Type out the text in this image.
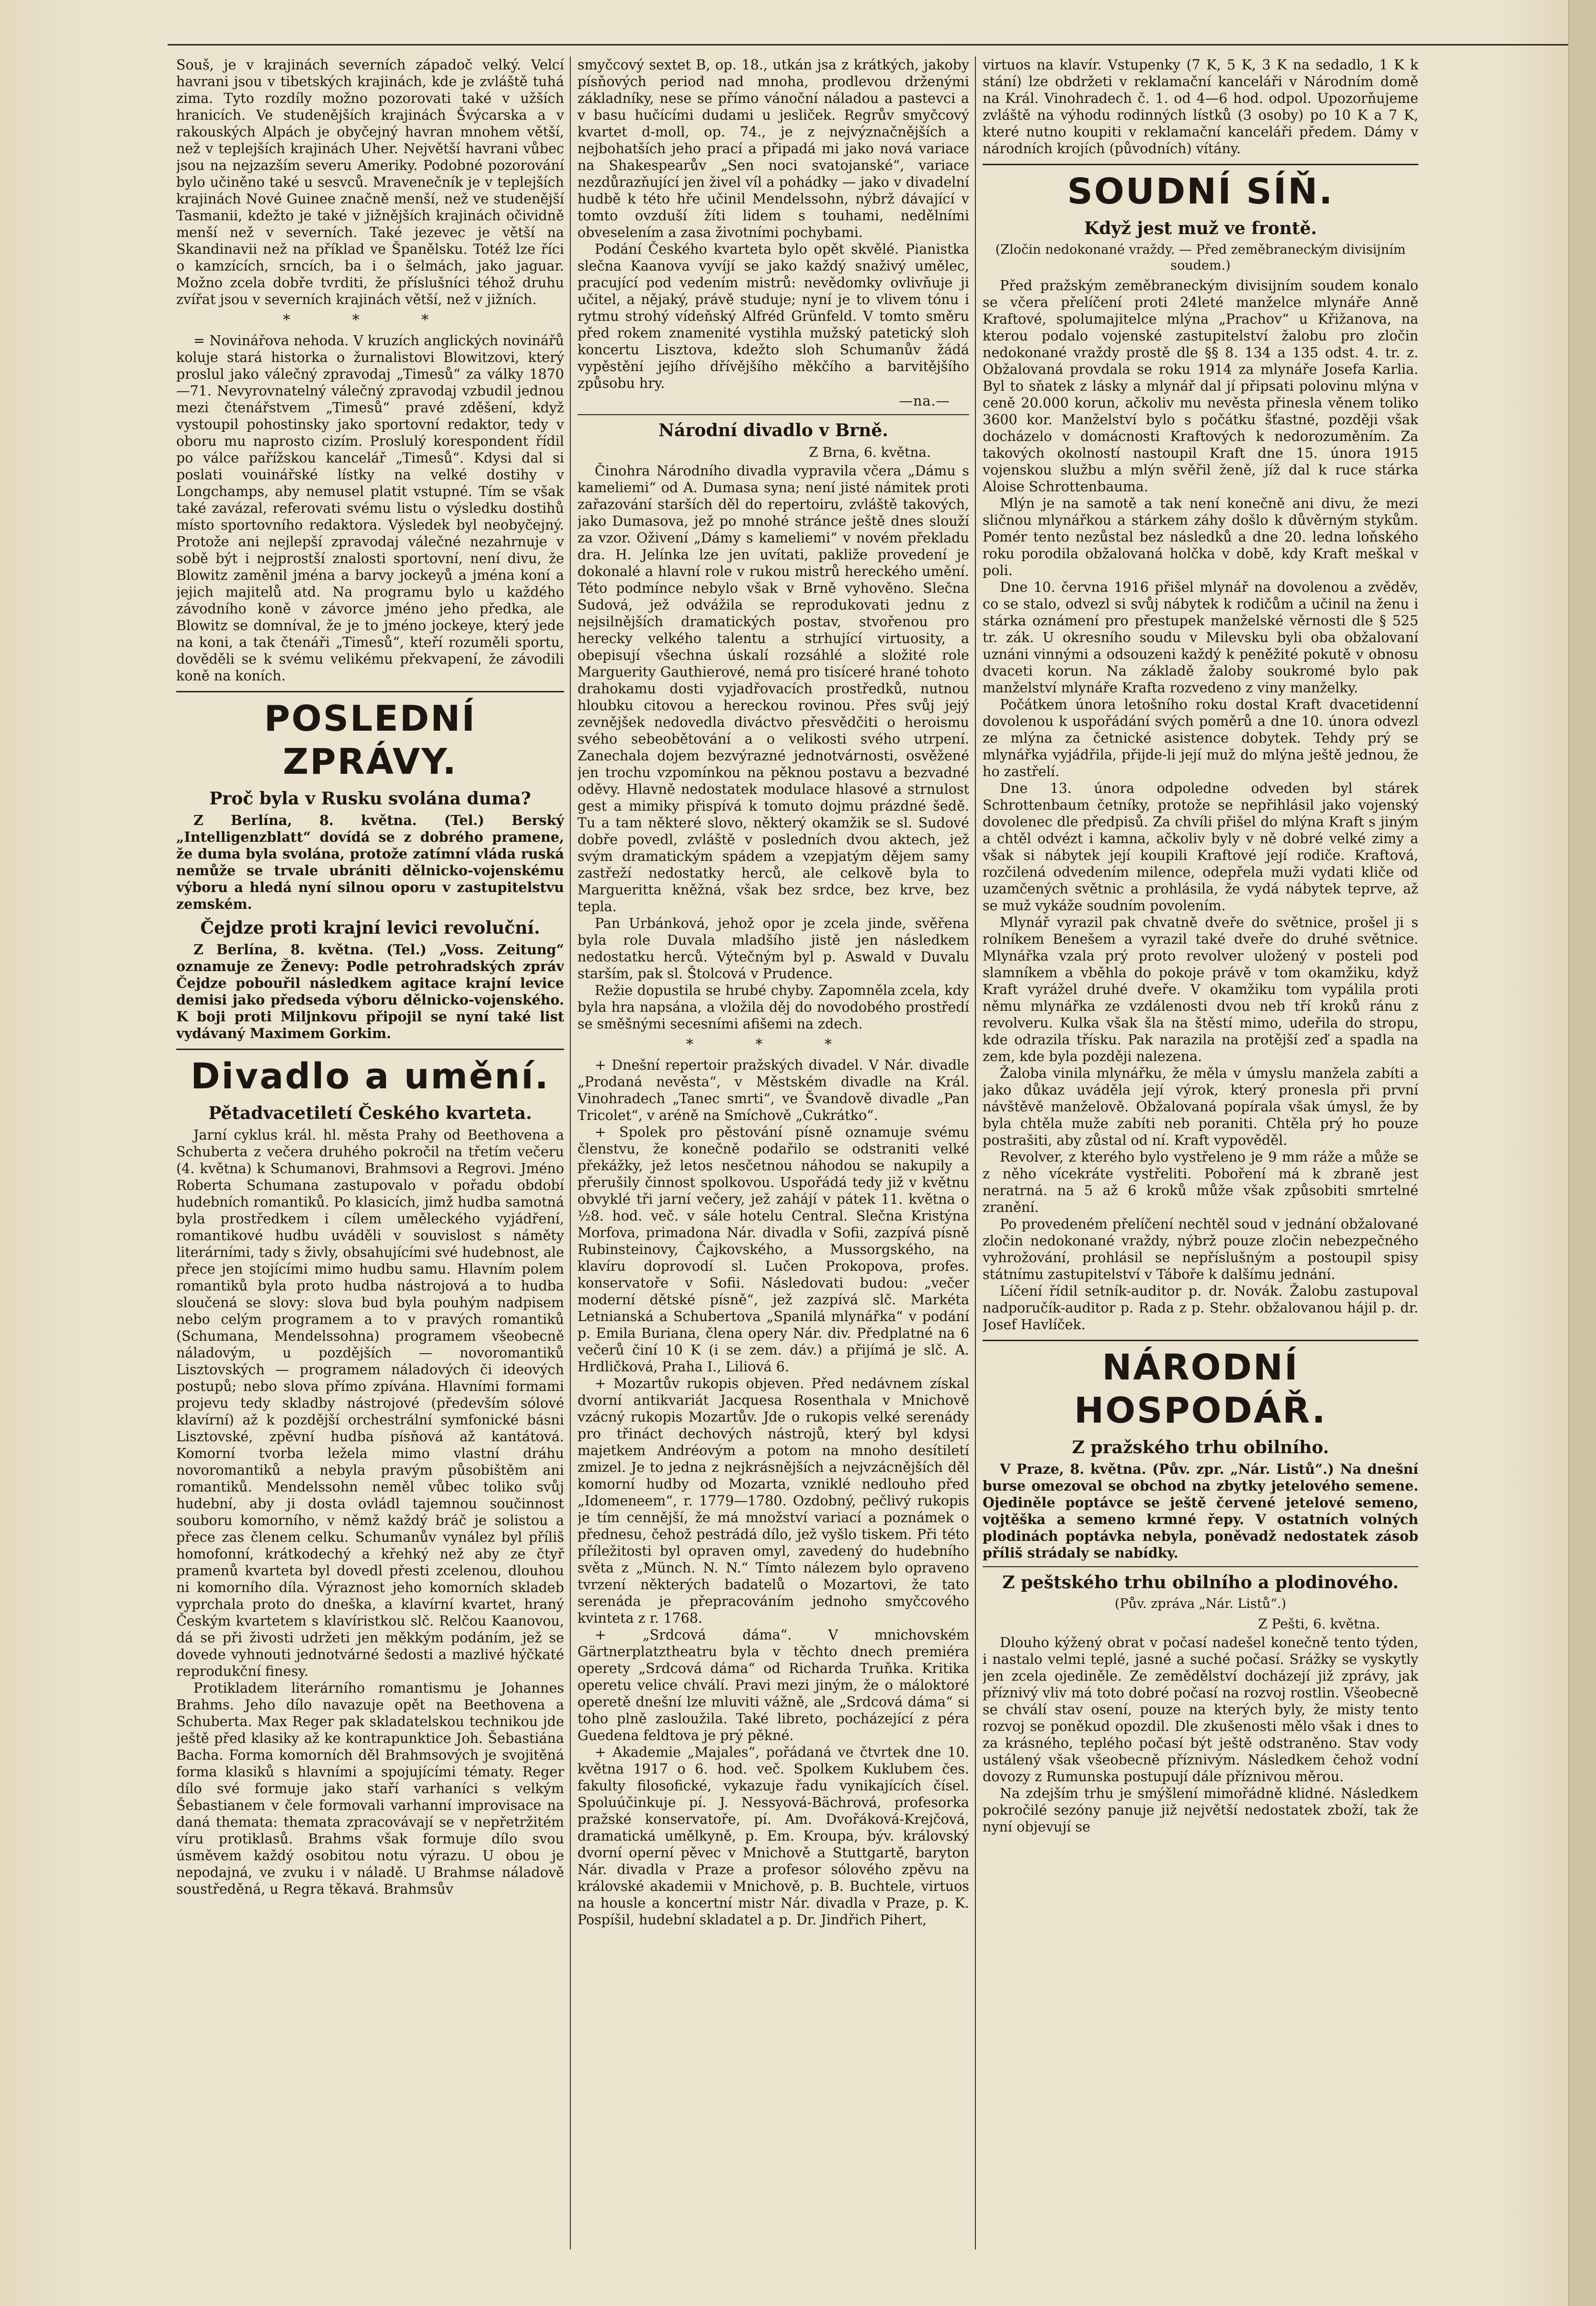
Souš, je v krajinách severních západoč velký. Velcí havrani jsou v tibetských krajinách, kde je zvláště tuhá zima. Tyto rozdíly možno pozorovati také v užších hranicích. Ve studenějších krajinách Švýcarska a v rakouských Alpách je obyčejný havran mnohem větší, než v teplejších krajinách Uher. Největší havrani vůbec jsou na nejzazším severu Ameriky. Podobné pozorování bylo učiněno také u sesvců. Mravenečník je v teplejších krajinách Nové Guinee značně menší, než ve studenější Tasmanii, kdežto je také v jižnějších krajinách očividně menší než v severních. Také jezevec je větší na Skandinavii než na příklad ve Španělsku. Totéž lze říci o kamzících, srncích, ba i o šelmách, jako jaguar. Možno zcela dobře tvrditi, že příslušníci téhož druhu zvířat jsou v severních krajinách větší, než v jižních.

* * *

= Novinářova nehoda. V kruzích anglických novinářů koluje stará historka o žurnalistovi Blowitzovi, který proslul jako válečný zpravodaj „Timesů“ za války 1870—71. Nevyrovnatelný válečný zpravodaj vzbudil jednou mezi čtenářstvem „Timesů“ pravé zděšení, když vystoupil pohostinsky jako sportovní redaktor, tedy v oboru mu naprosto cizím. Proslulý korespondent řídil po válce pařížskou kancelář „Timesů“. Kdysi dal si poslati vouinářské lístky na velké dostihy v Longchamps, aby nemusel platit vstupné. Tím se však také zavázal, referovati svému listu o výsledku dostihů místo sportovního redaktora. Výsledek byl neobyčejný. Protože ani nejlepší zpravodaj válečné nezahrnuje v sobě být i nejprostší znalosti sportovní, není divu, že Blowitz zaměnil jména a barvy jockeyů a jména koní a jejich majitelů atd. Na programu bylo u každého závodního koně v závorce jméno jeho předka, ale Blowitz se domníval, že je to jméno jockeye, který jede na koni, a tak čtenáři „Timesů“, kteří rozuměli sportu, dověděli se k svému velikému překvapení, že závodili koně na koních.

POSLEDNÍ ZPRÁVY.
Proč byla v Rusku svolána duma?

Z Berlína, 8. května. (Tel.) Berský „Intelligenzblatt“ dovídá se z dobrého pramene, že duma byla svolána, protože zatímní vláda ruská nemůže se trvale ubrániti dělnicko-vojenskému výboru a hledá nyní silnou oporu v zastupitelstvu zemském.

Čejdze proti krajní levici revoluční.

Z Berlína, 8. května. (Tel.) „Voss. Zeitung“ oznamuje ze Ženevy: Podle petrohradských zpráv Čejdze pobouřil následkem agitace krajní levice demisi jako předseda výboru dělnicko-vojenského. K boji proti Miljnkovu připojil se nyní také list vydávaný Maximem Gorkim.

Divadlo a umění.
Pětadvacetiletí Českého kvarteta.

Jarní cyklus král. hl. města Prahy od Beethovena a Schuberta z večera druhého pokročil na třetím večeru (4. května) k Schumanovi, Brahmsovi a Regrovi. Jméno Roberta Schumana zastupovalo v pořadu období hudebních romantiků. Po klasicích, jimž hudba samotná byla prostředkem i cílem uměleckého vyjádření, romantikové hudbu uváděli v souvislost s náměty literárními, tady s živly, obsahujícími své hudebnost, ale přece jen stojícími mimo hudbu samu. Hlavním polem romantiků byla proto hudba nástrojová a to hudba sloučená se slovy: slova bud byla pouhým nadpisem nebo celým programem a to v pravých romantiků (Schumana, Mendelssohna) programem všeobecně náladovým, u pozdějších — novoromantiků Lisztovských — programem náladových či ideových postupů; nebo slova přímo zpívána. Hlavními formami projevu tedy skladby nástrojové (především sólové klavírní) až k pozdější orchestrální symfonické básni Lisztovské, zpěvní hudba písňová až kantátová. Komorní tvorba ležela mimo vlastní dráhu novoromantiků a nebyla pravým působištěm ani romantiků. Mendelssohn neměl vůbec toliko svůj hudební, aby ji dosta ovládl tajemnou součinnost souboru komorního, v němž každý bráč je solistou a přece zas členem celku. Schumanův vynález byl příliš homofonní, krátkodechý a křehký než aby ze čtyř pramenů kvarteta byl dovedl přesti zcelenou, dlouhou ni komorního díla. Výraznost jeho komorních skladeb vyprchala proto do dneška, a klavírní kvartet, hraný Českým kvartetem s klavíristkou slč. Relčou Kaanovou, dá se při živosti udržeti jen měkkým podáním, jež se dovede vyhnouti jednotvárné šedosti a mazlivé hýčkaté reprodukční finesy.

Protikladem literárního romantismu je Johannes Brahms. Jeho dílo navazuje opět na Beethovena a Schuberta. Max Reger pak skladatelskou technikou jde ještě před klasiky až ke kontrapunktice Joh. Šebastiána Bacha. Forma komorních děl Brahmsových je svojitěná forma klasiků s hlavními a spojujícími tématy. Reger dílo své formuje jako staří varhaníci s velkým Šebastianem v čele formovali varhanní improvisace na daná themata: themata zpracovávají se v nepřetržitém víru protiklasů. Brahms však formuje dílo svou úsměvem každý osobitou notu výrazu. U obou je nepodajná, ve zvuku i v náladě. U Brahmse náladově soustředěná, u Regra těkavá. Brahmsův

smyčcový sextet B, op. 18., utkán jsa z krátkých, jakoby písňových period nad mnoha, prodlevou drženými základníky, nese se přímo vánoční náladou a pastevci a v basu hučícími dudami u jesliček. Regrův smyčcový kvartet d-moll, op. 74., je z nejvýznačnějších a nejbohatších jeho prací a připadá mi jako nová variace na Shakespearův „Sen noci svatojanské“, variace nezdůrazňující jen živel víl a pohádky — jako v divadelní hudbě k této hře učinil Mendelssohn, nýbrž dávající v tomto ovzduší žíti lidem s touhami, nedělními obveselením a zasa životními pochybami.

Podání Českého kvarteta bylo opět skvělé. Pianistka slečna Kaanova vyvíjí se jako každý snaživý umělec, pracující pod vedením mistrů: nevědomky ovlivňuje ji učitel, a nějaký, právě studuje; nyní je to vlivem tónu i rytmu strohý vídeňský Alfréd Grünfeld. V tomto směru před rokem znamenité vystihla mužský patetický sloh koncertu Lisztova, kdežto sloh Schumanův žádá vypěstění jejího dřívějšího měkčího a barvitějšího způsobu hry.

—na.—
Národní divadlo v Brně.
Z Brna, 6. května.

Činohra Národního divadla vypravila včera „Dámu s kameliemi“ od A. Dumasa syna; není jisté námitek proti zařazování starších děl do repertoiru, zvláště takových, jako Dumasova, jež po mnohé stránce ještě dnes slouží za vzor. Oživení „Dámy s kameliemi“ v novém překladu dra. H. Jelínka lze jen uvítati, pakliže provedení je dokonalé a hlavní role v rukou mistrů hereckého umění. Této podmínce nebylo však v Brně vyhověno. Slečna Sudová, jež odvážila se reprodukovati jednu z nejsilnějších dramatických postav, stvořenou pro herecky velkého talentu a strhující virtuosity, a obepisují všechna úskalí rozsáhlé a složité role Marguerity Gauthierové, nemá pro tisíceré hrané tohoto drahokamu dosti vyjadřovacích prostředků, nutnou hloubku citovou a hereckou rovinou. Přes svůj jejý zevnějšek nedovedla diváctvo přesvědčiti o heroismu svého sebeobětování a o velikosti svého utrpení. Zanechala dojem bezvýrazné jednotvárnosti, osvěžené jen trochu vzpomínkou na pěknou postavu a bezvadné oděvy. Hlavně nedostatek modulace hlasové a strnulost gest a mimiky přispívá k tomuto dojmu prázdné šedě. Tu a tam některé slovo, některý okamžik se sl. Sudové dobře povedl, zvláště v posledních dvou aktech, jež svým dramatickým spádem a vzepjatým dějem samy zastřeží nedostatky herců, ale celkově byla to Margueritta kněžná, však bez srdce, bez krve, bez tepla.

Pan Urbánková, jehož opor je zcela jinde, svěřena byla role Duvala mladšího jistě jen následkem nedostatku herců. Výtečným byl p. Aswald v Duvalu starším, pak sl. Štolcová v Prudence.

Režie dopustila se hrubé chyby. Zapomněla zcela, kdy byla hra napsána, a vložila děj do novodobého prostředí se směšnými secesními afišemi na zdech.

* * *

+ Dnešní repertoir pražských divadel. V Nár. divadle „Prodaná nevěsta“, v Městském divadle na Král. Vinohradech „Tanec smrti“, ve Švandově divadle „Pan Tricolet“, v aréně na Smíchově „Cukrátko“.

+ Spolek pro pěstování písně oznamuje svému členstvu, že konečně podařilo se odstraniti velké překážky, jež letos nesčetnou náhodou se nakupily a přerušily činnost spolkovou. Uspořádá tedy již v květnu obvyklé tři jarní večery, jež zahájí v pátek 11. května o ½8. hod. več. v sále hotelu Central. Slečna Kristýna Morfova, primadona Nár. divadla v Sofii, zazpívá písně Rubinsteinovy, Čajkovského, a Mussorgského, na klavíru doprovodí sl. Lučen Prokopova, profes. konservatoře v Sofii. Následovati budou: „večer moderní dětské písně“, jež zazpívá slč. Markéta Letnianská a Schubertova „Spanilá mlynářka“ v podání p. Emila Buriana, člena opery Nár. div. Předplatné na 6 večerů činí 10 K (i se zem. dáv.) a přijímá je slč. A. Hrdličková, Praha I., Liliová 6.

+ Mozartův rukopis objeven. Před nedávnem získal dvorní antikvariát Jacquesa Rosenthala v Mnichově vzácný rukopis Mozartův. Jde o rukopis velké serenády pro třináct dechových nástrojů, který byl kdysi majetkem Andréovým a potom na mnoho desítiletí zmizel. Je to jedna z nejkrásnějších a nejvzácnějších děl komorní hudby od Mozarta, vzniklé nedlouho před „Idomeneem“, r. 1779—1780. Ozdobný, pečlivý rukopis je tím cennější, že má množství variací a poznámek o přednesu, čehož pestrádá dílo, jež vyšlo tiskem. Při této příležitosti byl opraven omyl, zavedený do hudebního světa z „Münch. N. N.“ Tímto nálezem bylo opraveno tvrzení některých badatelů o Mozartovi, že tato serenáda je přepracováním jednoho smyčcového kvinteta z r. 1768.

+ „Srdcová dáma“. V mnichovském Gärtnerplatztheatru byla v těchto dnech premiéra operety „Srdcová dáma“ od Richarda Truňka. Kritika operetu velice chválí. Pravi mezi jiným, že o máloktoré operetě dnešní lze mluviti vážně, ale „Srdcová dáma“ si toho plně zasloužila. Také libreto, pocházející z péra Guedena feldtova je prý pěkné.

+ Akademie „Majales“, pořádaná ve čtvrtek dne 10. května 1917 o 6. hod. več. Spolkem Kuklubem čes. fakulty filosofické, vykazuje řadu vynikajících čísel. Spoluúčinkuje pí. J. Nessyová-Bächrová, profesorka pražské konservatoře, pí. Am. Dvořáková-Krejčová, dramatická umělkyně, p. Em. Kroupa, býv. královský dvorní operní pěvec v Mnichově a Stuttgartě, baryton Nár. divadla v Praze a profesor sólového zpěvu na královské akademii v Mnichově, p. B. Buchtele, virtuos na housle a koncertní mistr Nár. divadla v Praze, p. K. Pospíšil, hudební skladatel a p. Dr. Jindřich Pihert,

virtuos na klavír. Vstupenky (7 K, 5 K, 3 K na sedadlo, 1 K k stání) lze obdržeti v reklamační kanceláři v Národním domě na Král. Vinohradech č. 1. od 4—6 hod. odpol. Upozorňujeme zvláště na výhodu rodinných lístků (3 osoby) po 10 K a 7 K, které nutno koupiti v reklamační kanceláři předem. Dámy v národních krojích (původních) vítány.

SOUDNÍ SÍŇ.
Když jest muž ve frontě.
(Zločin nedokonané vraždy. — Před zeměbraneckým divisijním soudem.)

Před pražským zeměbraneckým divisijním soudem konalo se včera přelíčení proti 24leté manželce mlynáře Anně Kraftové, spolumajitelce mlýna „Prachov“ u Křižanova, na kterou podalo vojenské zastupitelství žalobu pro zločin nedokonané vraždy prostě dle §§ 8. 134 a 135 odst. 4. tr. z. Obžalovaná provdala se roku 1914 za mlynáře Josefa Karlia. Byl to sňatek z lásky a mlynář dal jí připsati polovinu mlýna v ceně 20.000 korun, ačkoliv mu nevěsta přinesla věnem toliko 3600 kor. Manželství bylo s počátku šťastné, později však docházelo v domácnosti Kraftových k nedorozuměním. Za takových okolností nastoupil Kraft dne 15. února 1915 vojenskou službu a mlýn svěřil ženě, jíž dal k ruce stárka Aloise Schrottenbauma.

Mlýn je na samotě a tak není konečně ani divu, že mezi sličnou mlynářkou a stárkem záhy došlo k důvěrným stykům. Pomér tento nezůstal bez následků a dne 20. ledna loňského roku porodila obžalovaná holčka v době, kdy Kraft meškal v poli.

Dne 10. června 1916 přišel mlynář na dovolenou a zvěděv, co se stalo, odvezl si svůj nábytek k rodičům a učinil na ženu i stárka oznámení pro přestupek manželské věrnosti dle § 525 tr. zák. U okresního soudu v Milevsku byli oba obžalovaní uznáni vinnými a odsouzeni každý k peněžité pokutě v obnosu dvaceti korun. Na základě žaloby soukromé bylo pak manželství mlynáře Krafta rozvedeno z viny manželky.

Počátkem února letošního roku dostal Kraft dvacetidenní dovolenou k uspořádání svých poměrů a dne 10. února odvezl ze mlýna za četnické asistence dobytek. Tehdy prý se mlynářka vyjádřila, přijde-li její muž do mlýna ještě jednou, že ho zastřelí.

Dne 13. února odpoledne odveden byl stárek Schrottenbaum četníky, protože se nepřihlásil jako vojenský dovolenec dle předpisů. Za chvíli přišel do mlýna Kraft s jiným a chtěl odvézt i kamna, ačkoliv byly v ně dobré velké zimy a však si nábytek její koupili Kraftové její rodiče. Kraftová, rozčilená odvedením milence, odepřela muži vydati kliče od uzamčených světnic a prohlásila, že vydá nábytek teprve, až se muž vykáže soudním povolením.

Mlynář vyrazil pak chvatně dveře do světnice, prošel ji s rolníkem Benešem a vyrazil také dveře do druhé světnice. Mlynářka vzala prý proto revolver uložený v posteli pod slamníkem a vběhla do pokoje právě v tom okamžiku, když Kraft vyrážel druhé dveře. V okamžiku tom vypálila proti němu mlynářka ze vzdálenosti dvou neb tří kroků ránu z revolveru. Kulka však šla na štěstí mimo, udeřila do stropu, kde odrazila třísku. Pak narazila na protější zeď a spadla na zem, kde byla později nalezena.

Žaloba vinila mlynářku, že měla v úmyslu manžela zabíti a jako důkaz uváděla její výrok, který pronesla při první návštěvě manželově. Obžalovaná popírala však úmysl, že by byla chtěla muže zabíti neb poraniti. Chtěla prý ho pouze postrašiti, aby zůstal od ní. Kraft vypověděl.

Revolver, z kterého bylo vystřeleno je 9 mm ráže a může se z něho vícekráte vystřeliti. Poboření má k zbraně jest neratrná. na 5 až 6 kroků může však způsobiti smrtelné zranění.

Po provedeném přelíčení nechtěl soud v jednání obžalované zločin nedokonané vraždy, nýbrž pouze zločin nebezpečného vyhrožování, prohlásil se nepříslušným a postoupil spisy státnímu zastupitelství v Táboře k dalšímu jednání.

Líčení řídil setník-auditor p. dr. Novák. Žalobu zastupoval nadporučík-auditor p. Rada z p. Stehr. obžalovanou hájil p. dr. Josef Havlíček.

NÁRODNÍ HOSPODÁŘ.
Z pražského trhu obilního.

V Praze, 8. května. (Pův. zpr. „Nár. Listů“.) Na dnešní burse omezoval se obchod na zbytky jetelového semene. Ojediněle poptávce se ještě červené jetelové semeno, vojtěška a semeno krmné řepy. V ostatních volných plodinách poptávka nebyla, poněvadž nedostatek zásob příliš strádaly se nabídky.

Z peštského trhu obilního a plodinového.
(Pův. zpráva „Nár. Listů“.)
Z Pešti, 6. května.

Dlouho kýžený obrat v počasí nadešel konečně tento týden, i nastalo velmi teplé, jasné a suché počasí. Srážky se vyskytly jen zcela ojediněle. Ze zemědělství docházejí již zprávy, jak příznivý vliv má toto dobré počasí na rozvoj rostlin. Všeobecně se chválí stav osení, pouze na kterých byly, že misty tento rozvoj se poněkud opozdil. Dle zkušenosti mělo však i dnes to za krásného, teplého počasí být ještě odstraněno. Stav vody ustálený však všeobecně příznivým. Následkem čehož vodní dovozy z Rumunska postupují dále příznivou měrou.

Na zdejším trhu je smýšlení mimořádně klidné. Následkem pokročilé sezóny panuje již největší nedostatek zboží, tak že nyní objevují se
